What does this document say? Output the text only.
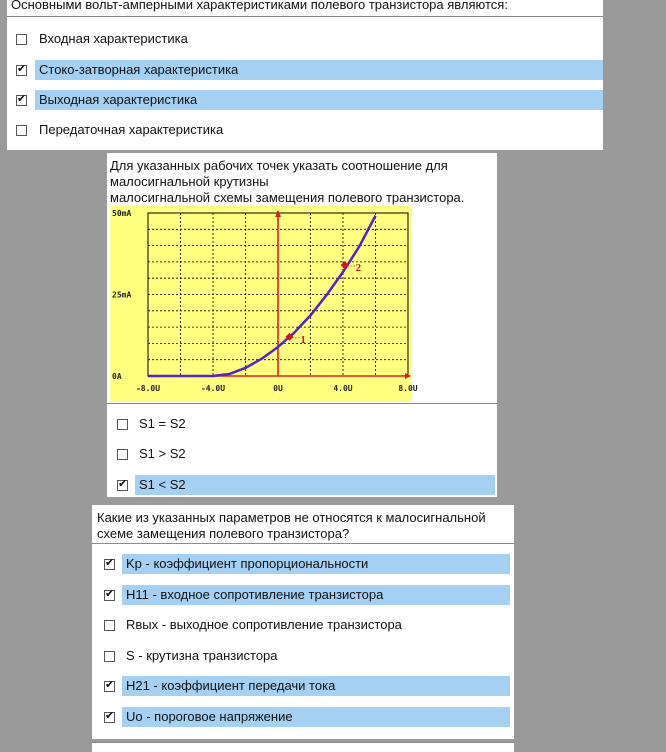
Основными вольт-амперными характеристиками полевого транзистора являются:
Входная характеристика
✔ Стоко-затворная характеристика
✔ Выходная характеристика
Передаточная характеристика
Для указанных рабочих точек указать соотношение для
малосигнальной крутизны
малосигнальной схемы замещения полевого транзистора.
0A
25mA
50mA
-8.0U	-4.0U	0U	4.0U	8.0U
1
2
S1 = S2
S1 > S2
✔ S1 < S2
Какие из указанных параметров не относятся к малосигнальной
схеме замещения полевого транзистора?
✔ Kp - коэффициент пропорциональности
✔ H11 - входное сопротивление транзистора
Rвых - выходное сопротивление транзистора
S - крутизна транзистора
✔ H21 - коэффициент передачи тока
✔ Uo - пороговое напряжение
